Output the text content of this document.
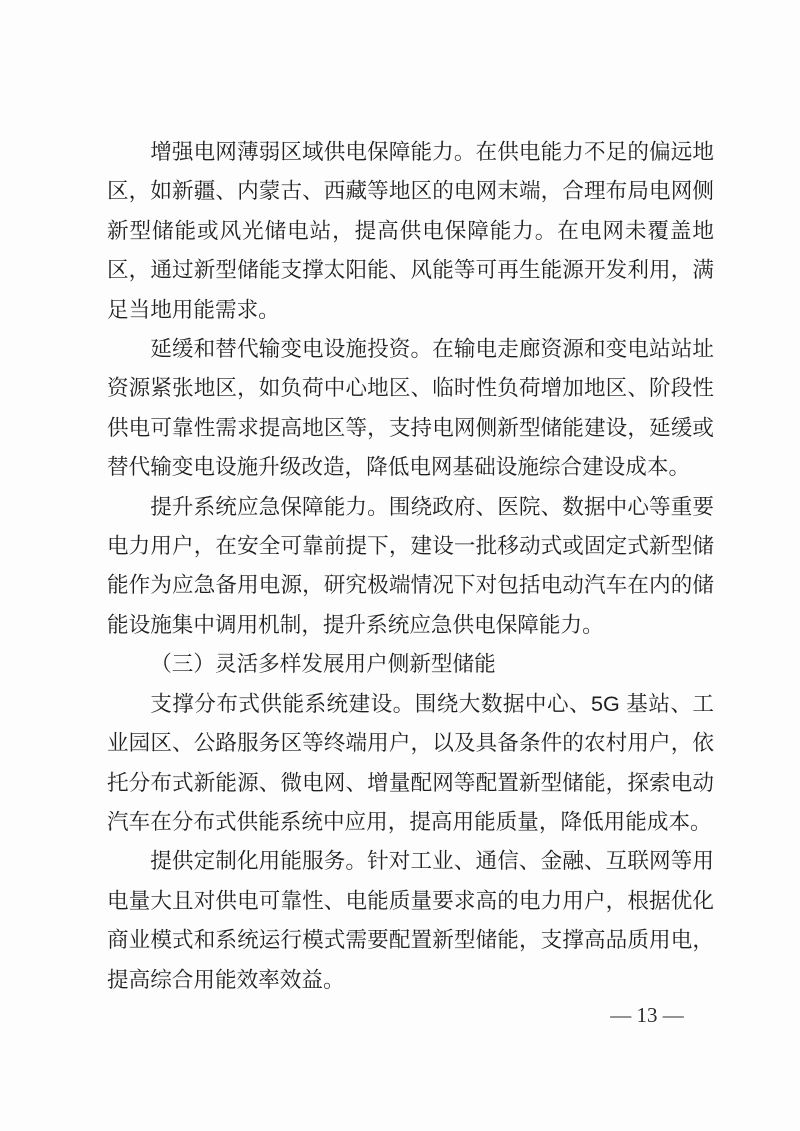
增强电网薄弱区域供电保障能力。在供电能力不足的偏远地区，如新疆、内蒙古、西藏等地区的电网末端，合理布局电网侧新型储能或风光储电站，提高供电保障能力。在电网未覆盖地区，通过新型储能支撑太阳能、风能等可再生能源开发利用，满足当地用能需求。

延缓和替代输变电设施投资。在输电走廊资源和变电站站址资源紧张地区，如负荷中心地区、临时性负荷增加地区、阶段性供电可靠性需求提高地区等，支持电网侧新型储能建设，延缓或替代输变电设施升级改造，降低电网基础设施综合建设成本。

提升系统应急保障能力。围绕政府、医院、数据中心等重要电力用户，在安全可靠前提下，建设一批移动式或固定式新型储能作为应急备用电源，研究极端情况下对包括电动汽车在内的储能设施集中调用机制，提升系统应急供电保障能力。

（三）灵活多样发展用户侧新型储能

支撑分布式供能系统建设。围绕大数据中心、5G 基站、工业园区、公路服务区等终端用户，以及具备条件的农村用户，依托分布式新能源、微电网、增量配网等配置新型储能，探索电动汽车在分布式供能系统中应用，提高用能质量，降低用能成本。

提供定制化用能服务。针对工业、通信、金融、互联网等用电量大且对供电可靠性、电能质量要求高的电力用户，根据优化商业模式和系统运行模式需要配置新型储能，支撑高品质用电，提高综合用能效率效益。

— 13 —
